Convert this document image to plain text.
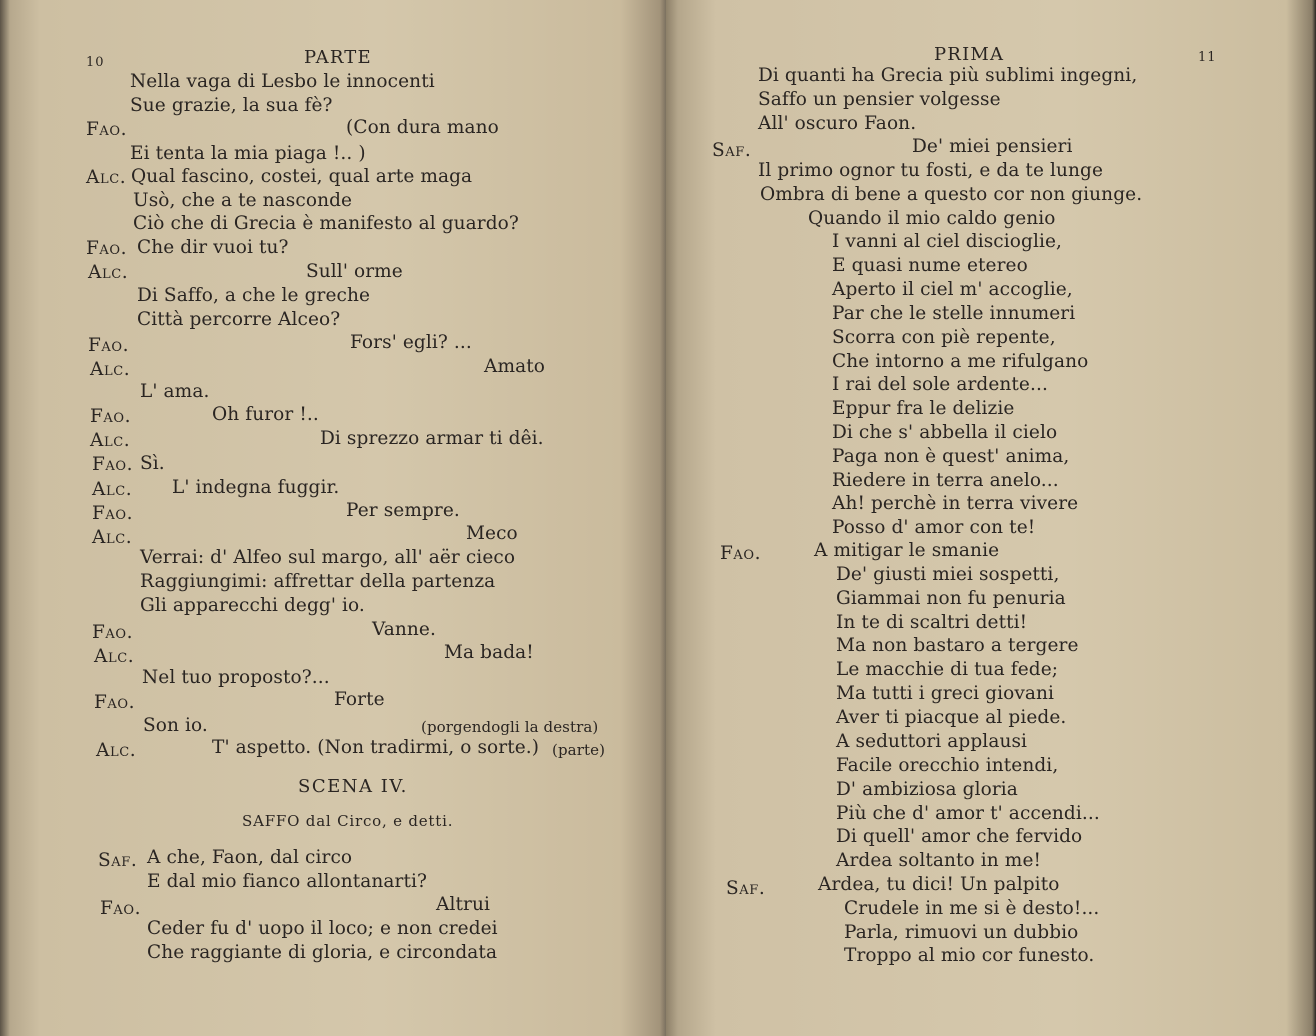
10	PARTE
Nella vaga di Lesbo le innocenti
Sue grazie, la sua fè?
Fao.	(Con dura mano
Ei tenta la mia piaga !.. )
Alc. Qual fascino, costei, qual arte maga
Usò, che a te nasconde
Ciò che di Grecia è manifesto al guardo?
Fao. Che dir vuoi tu?
Alc.	Sull' orme
Di Saffo, a che le greche
Città percorre Alceo?
Fao.	Fors' egli? ...
Alc.	Amato
L' ama.
Fao.	Oh furor !..
Alc.	Di sprezzo armar ti dêi.
Fao. Sì.
Alc. L' indegna fuggir.
Fao.	Per sempre.
Alc.	Meco
Verrai: d' Alfeo sul margo, all' aër cieco
Raggiungimi: affrettar della partenza
Gli apparecchi degg' io.
Fao.	Vanne.
Alc.	Ma bada!
Nel tuo proposto?...
Fao.	Forte
Son io.	(porgendogli la destra)
Alc.	T' aspetto. (Non tradirmi, o sorte.) (parte)
SCENA IV.
SAFFO dal Circo, e detti.
Saf. A che, Faon, dal circo
E dal mio fianco allontanarti?
Fao.	Altrui
Ceder fu d' uopo il loco; e non credei
Che raggiante di gloria, e circondata
PRIMA	11
Di quanti ha Grecia più sublimi ingegni,
Saffo un pensier volgesse
All' oscuro Faon.
Saf.	De' miei pensieri
Il primo ognor tu fosti, e da te lunge
Ombra di bene a questo cor non giunge.
Quando il mio caldo genio
I vanni al ciel discioglie,
E quasi nume etereo
Aperto il ciel m' accoglie,
Par che le stelle innumeri
Scorra con piè repente,
Che intorno a me rifulgano
I rai del sole ardente...
Eppur fra le delizie
Di che s' abbella il cielo
Paga non è quest' anima,
Riedere in terra anelo...
Ah! perchè in terra vivere
Posso d' amor con te!
Fao.	A mitigar le smanie
De' giusti miei sospetti,
Giammai non fu penuria
In te di scaltri detti!
Ma non bastaro a tergere
Le macchie di tua fede;
Ma tutti i greci giovani
Aver ti piacque al piede.
A seduttori applausi
Facile orecchio intendi,
D' ambiziosa gloria
Più che d' amor t' accendi...
Di quell' amor che fervido
Ardea soltanto in me!
Saf.	Ardea, tu dici! Un palpito
Crudele in me si è desto!...
Parla, rimuovi un dubbio
Troppo al mio cor funesto.
